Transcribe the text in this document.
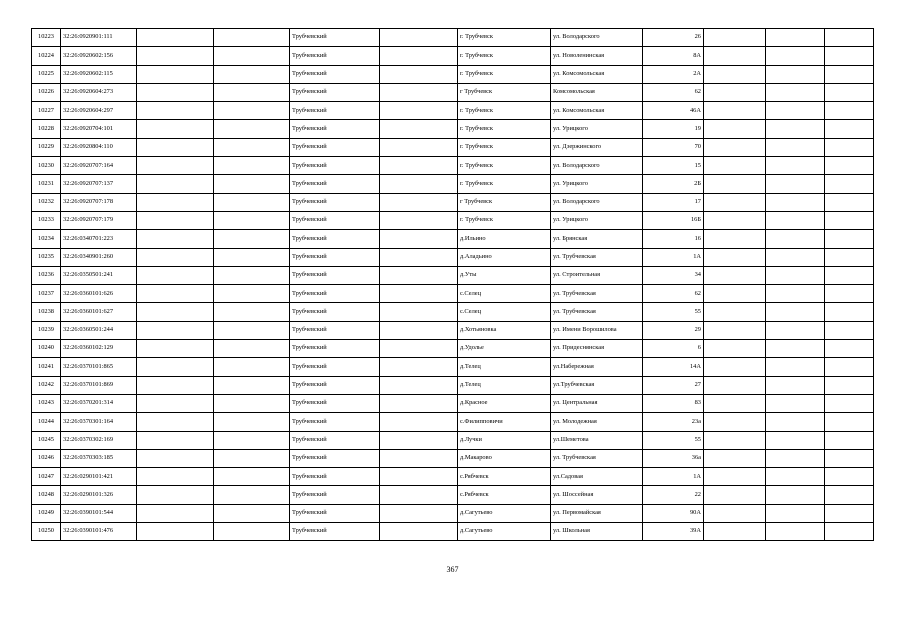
10223	32:26:0920901:111			Трубчевский		г. Трубчевск	ул. Володарского	26			
10224	32:26:0920602:156			Трубчевский		г. Трубчевск	ул. Новоленинская	8А			
10225	32:26:0920602:115			Трубчевский		г. Трубчевск	ул. Комсомольская	2А			
10226	32:26:0920604:273			Трубчевский		г Трубчевск	Комсомольская	62			
10227	32:26:0920604:297			Трубчевский		г. Трубчевск	ул. Комсомольская	46А			
10228	32:26:0920704:101			Трубчевский		г. Трубчевск	ул. Урицкого	19			
10229	32:26:0920804:110			Трубчевский		г. Трубчевск	ул. Дзержинского	70			
10230	32:26:0920707:164			Трубчевский		г. Трубчевск	ул. Володарского	15			
10231	32:26:0920707:137			Трубчевский		г. Трубчевск	ул. Урицкого	2Б			
10232	32:26:0920707:178			Трубчевский		г Трубчевск	ул. Володарского	17			
10233	32:26:0920707:179			Трубчевский		г. Трубчевск	ул. Урицкого	16Б			
10234	32:26:0340701:223			Трубчевский		д.Ильино	ул. Брянская	16			
10235	32:26:0340901:260			Трубчевский		д.Аладьино	ул. Трубчевская	1А			
10236	32:26:0350501:241			Трубчевский		д.Уты	ул. Строительная	34			
10237	32:26:0360101:626			Трубчевский		с.Селец	ул. Трубчевская	62			
10238	32:26:0360101:627			Трубчевский		с.Селец	ул. Трубчевская	55			
10239	32:26:0360501:244			Трубчевский		д.Хотьяновка	ул. Имени Ворошилова	29			
10240	32:26:0360102:129			Трубчевский		д.Удолье	ул. Придеснянская	6			
10241	32:26:0370101:865			Трубчевский		д.Телец	ул.Набережная	14А			
10242	32:26:0370101:869			Трубчевский		д.Телец	ул.Трубчевская	27			
10243	32:26:0370201:314			Трубчевский		д.Красное	ул. Центральная	83			
10244	32:26:0370301:164			Трубчевский		с.Филипповичи	ул. Молодежная	23а			
10245	32:26:0370302:169			Трубчевский		д.Лучки	ул.Шеметова	55			
10246	32:26:0370303:185			Трубчевский		д.Макарово	ул. Трубчевская	36а			
10247	32:26:0290101:421			Трубчевский		с.Рябчевск	ул.Садовая	1А			
10248	32:26:0290101:326			Трубчевский		с.Рябчевск	ул. Шоссейная	22			
10249	32:26:0390101:544			Трубчевский		д.Сагутьево	ул. Первомайская	90А			
10250	32:26:0390101:476			Трубчевский		д.Сагутьево	ул. Школьная	39А			
367
